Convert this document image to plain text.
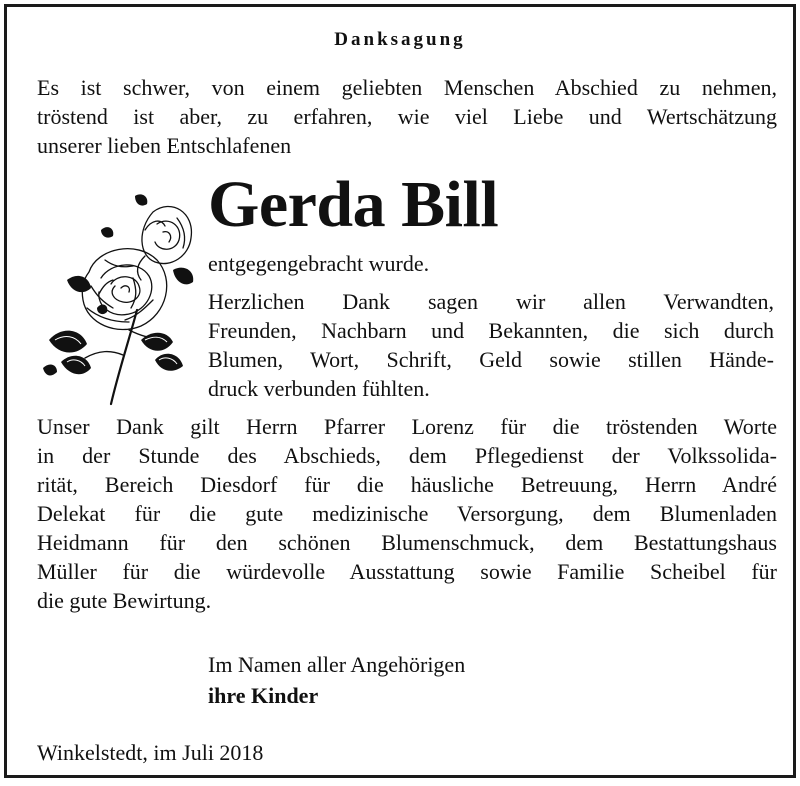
Danksagung
Es ist schwer, von einem geliebten Menschen Abschied zu nehmen,
tröstend ist aber, zu erfahren, wie viel Liebe und Wertschätzung
unserer lieben Entschlafenen
Gerda Bill
entgegengebracht wurde.
Herzlichen Dank sagen wir allen Verwandten,
Freunden, Nachbarn und Bekannten, die sich durch
Blumen, Wort, Schrift, Geld sowie stillen Hände-
druck verbunden fühlten.
Unser Dank gilt Herrn Pfarrer Lorenz für die tröstenden Worte
in der Stunde des Abschieds, dem Pflegedienst der Volkssolida-
rität, Bereich Diesdorf für die häusliche Betreuung, Herrn André
Delekat für die gute medizinische Versorgung, dem Blumenladen
Heidmann für den schönen Blumenschmuck, dem Bestattungshaus
Müller für die würdevolle Ausstattung sowie Familie Scheibel für
die gute Bewirtung.
Im Namen aller Angehörigen
ihre Kinder
Winkelstedt, im Juli 2018
